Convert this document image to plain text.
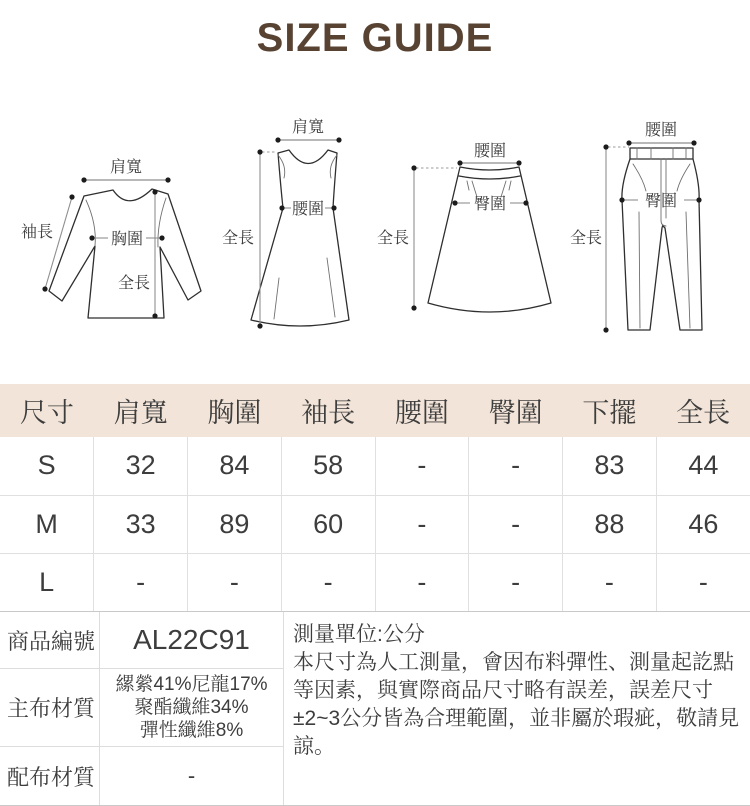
SIZE GUIDE
肩寬
袖長	胸圍
全長
肩寬
腰圍
全長
腰圍
臀圍
全長
腰圍
臀圍
全長
尺寸	肩寬	胸圍	袖長	腰圍	臀圍	下擺	全長
S	32	84	58	-	-	83	44
M	33	89	60	-	-	88	46
L	-	-	-	-	-	-	-
商品編號	AL22C91
主布材質
縲縈41%尼龍17%
聚酯纖維34%
彈性纖維8%
配布材質	-
測量單位:公分
本尺寸為人工測量，會因布料彈性、測量起訖點等因素，與實際商品尺寸略有誤差，誤差尺寸±2~3公分皆為合理範圍，並非屬於瑕疵，敬請見諒。
